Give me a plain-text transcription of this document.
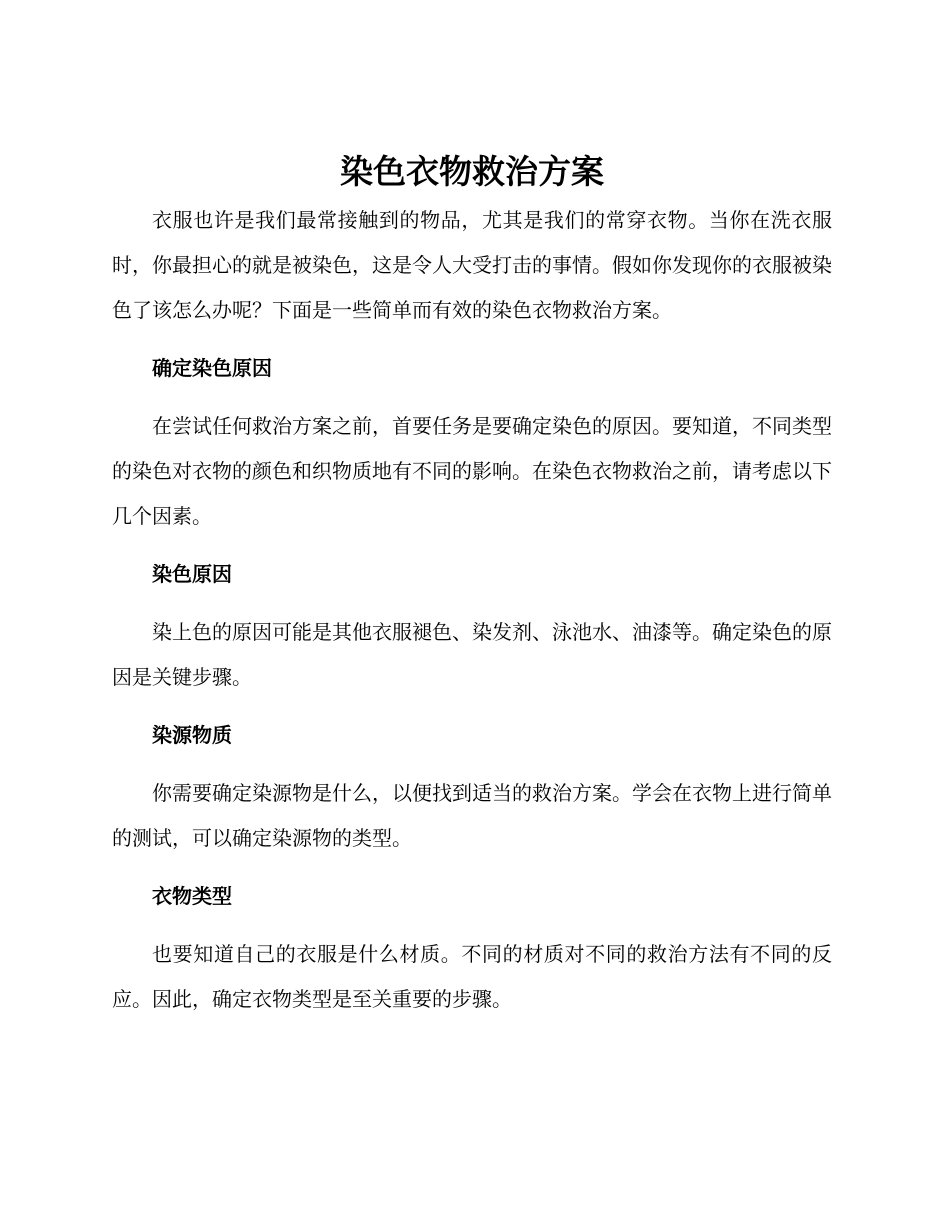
染色衣物救治方案

衣服也许是我们最常接触到的物品，尤其是我们的常穿衣物。当你在洗衣服时，你最担心的就是被染色，这是令人大受打击的事情。假如你发现你的衣服被染色了该怎么办呢？下面是一些简单而有效的染色衣物救治方案。

确定染色原因

在尝试任何救治方案之前，首要任务是要确定染色的原因。要知道，不同类型的染色对衣物的颜色和织物质地有不同的影响。在染色衣物救治之前，请考虑以下几个因素。

染色原因

染上色的原因可能是其他衣服褪色、染发剂、泳池水、油漆等。确定染色的原因是关键步骤。

染源物质

你需要确定染源物是什么，以便找到适当的救治方案。学会在衣物上进行简单的测试，可以确定染源物的类型。

衣物类型

也要知道自己的衣服是什么材质。不同的材质对不同的救治方法有不同的反应。因此，确定衣物类型是至关重要的步骤。
